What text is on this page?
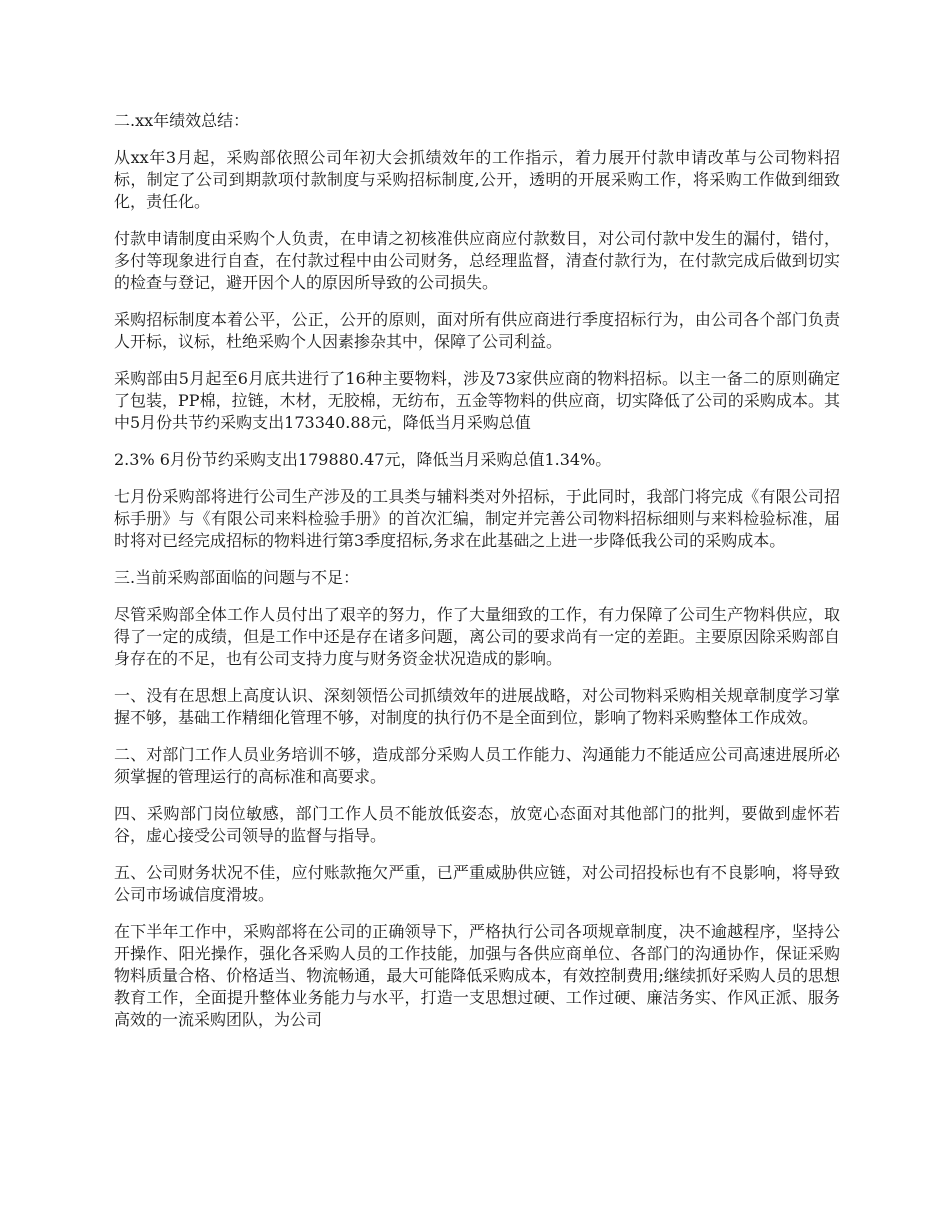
二.xx年绩效总结：

从xx年3月起，采购部依照公司年初大会抓绩效年的工作指示，着力展开付款申请改革与公司物料招标，制定了公司到期款项付款制度与采购招标制度,公开，透明的开展采购工作，将采购工作做到细致化，责任化。

付款申请制度由采购个人负责，在申请之初核准供应商应付款数目，对公司付款中发生的漏付，错付，多付等现象进行自查，在付款过程中由公司财务，总经理监督，清查付款行为，在付款完成后做到切实的检查与登记，避开因个人的原因所导致的公司损失。

采购招标制度本着公平，公正，公开的原则，面对所有供应商进行季度招标行为，由公司各个部门负责人开标，议标，杜绝采购个人因素掺杂其中，保障了公司利益。

采购部由5月起至6月底共进行了16种主要物料，涉及73家供应商的物料招标。以主一备二的原则确定了包装，PP棉，拉链，木材，无胶棉，无纺布，五金等物料的供应商，切实降低了公司的采购成本。其中5月份共节约采购支出173340.88元，降低当月采购总值

2.3% 6月份节约采购支出179880.47元，降低当月采购总值1.34%。

七月份采购部将进行公司生产涉及的工具类与辅料类对外招标，于此同时，我部门将完成《有限公司招标手册》与《有限公司来料检验手册》的首次汇编，制定并完善公司物料招标细则与来料检验标准，届时将对已经完成招标的物料进行第3季度招标,务求在此基础之上进一步降低我公司的采购成本。

三.当前采购部面临的问题与不足：

尽管采购部全体工作人员付出了艰辛的努力，作了大量细致的工作，有力保障了公司生产物料供应，取得了一定的成绩，但是工作中还是存在诸多问题，离公司的要求尚有一定的差距。主要原因除采购部自身存在的不足，也有公司支持力度与财务资金状况造成的影响。

一、没有在思想上高度认识、深刻领悟公司抓绩效年的进展战略，对公司物料采购相关规章制度学习掌握不够，基础工作精细化管理不够，对制度的执行仍不是全面到位，影响了物料采购整体工作成效。

二、对部门工作人员业务培训不够，造成部分采购人员工作能力、沟通能力不能适应公司高速进展所必须掌握的管理运行的高标准和高要求。

四、采购部门岗位敏感，部门工作人员不能放低姿态，放宽心态面对其他部门的批判，要做到虚怀若谷，虚心接受公司领导的监督与指导。

五、公司财务状况不佳，应付账款拖欠严重，已严重威胁供应链，对公司招投标也有不良影响，将导致公司市场诚信度滑坡。

在下半年工作中，采购部将在公司的正确领导下，严格执行公司各项规章制度，决不逾越程序，坚持公开操作、阳光操作，强化各采购人员的工作技能，加强与各供应商单位、各部门的沟通协作，保证采购物料质量合格、价格适当、物流畅通，最大可能降低采购成本，有效控制费用;继续抓好采购人员的思想教育工作，全面提升整体业务能力与水平，打造一支思想过硬、工作过硬、廉洁务实、作风正派、服务高效的一流采购团队，为公司
